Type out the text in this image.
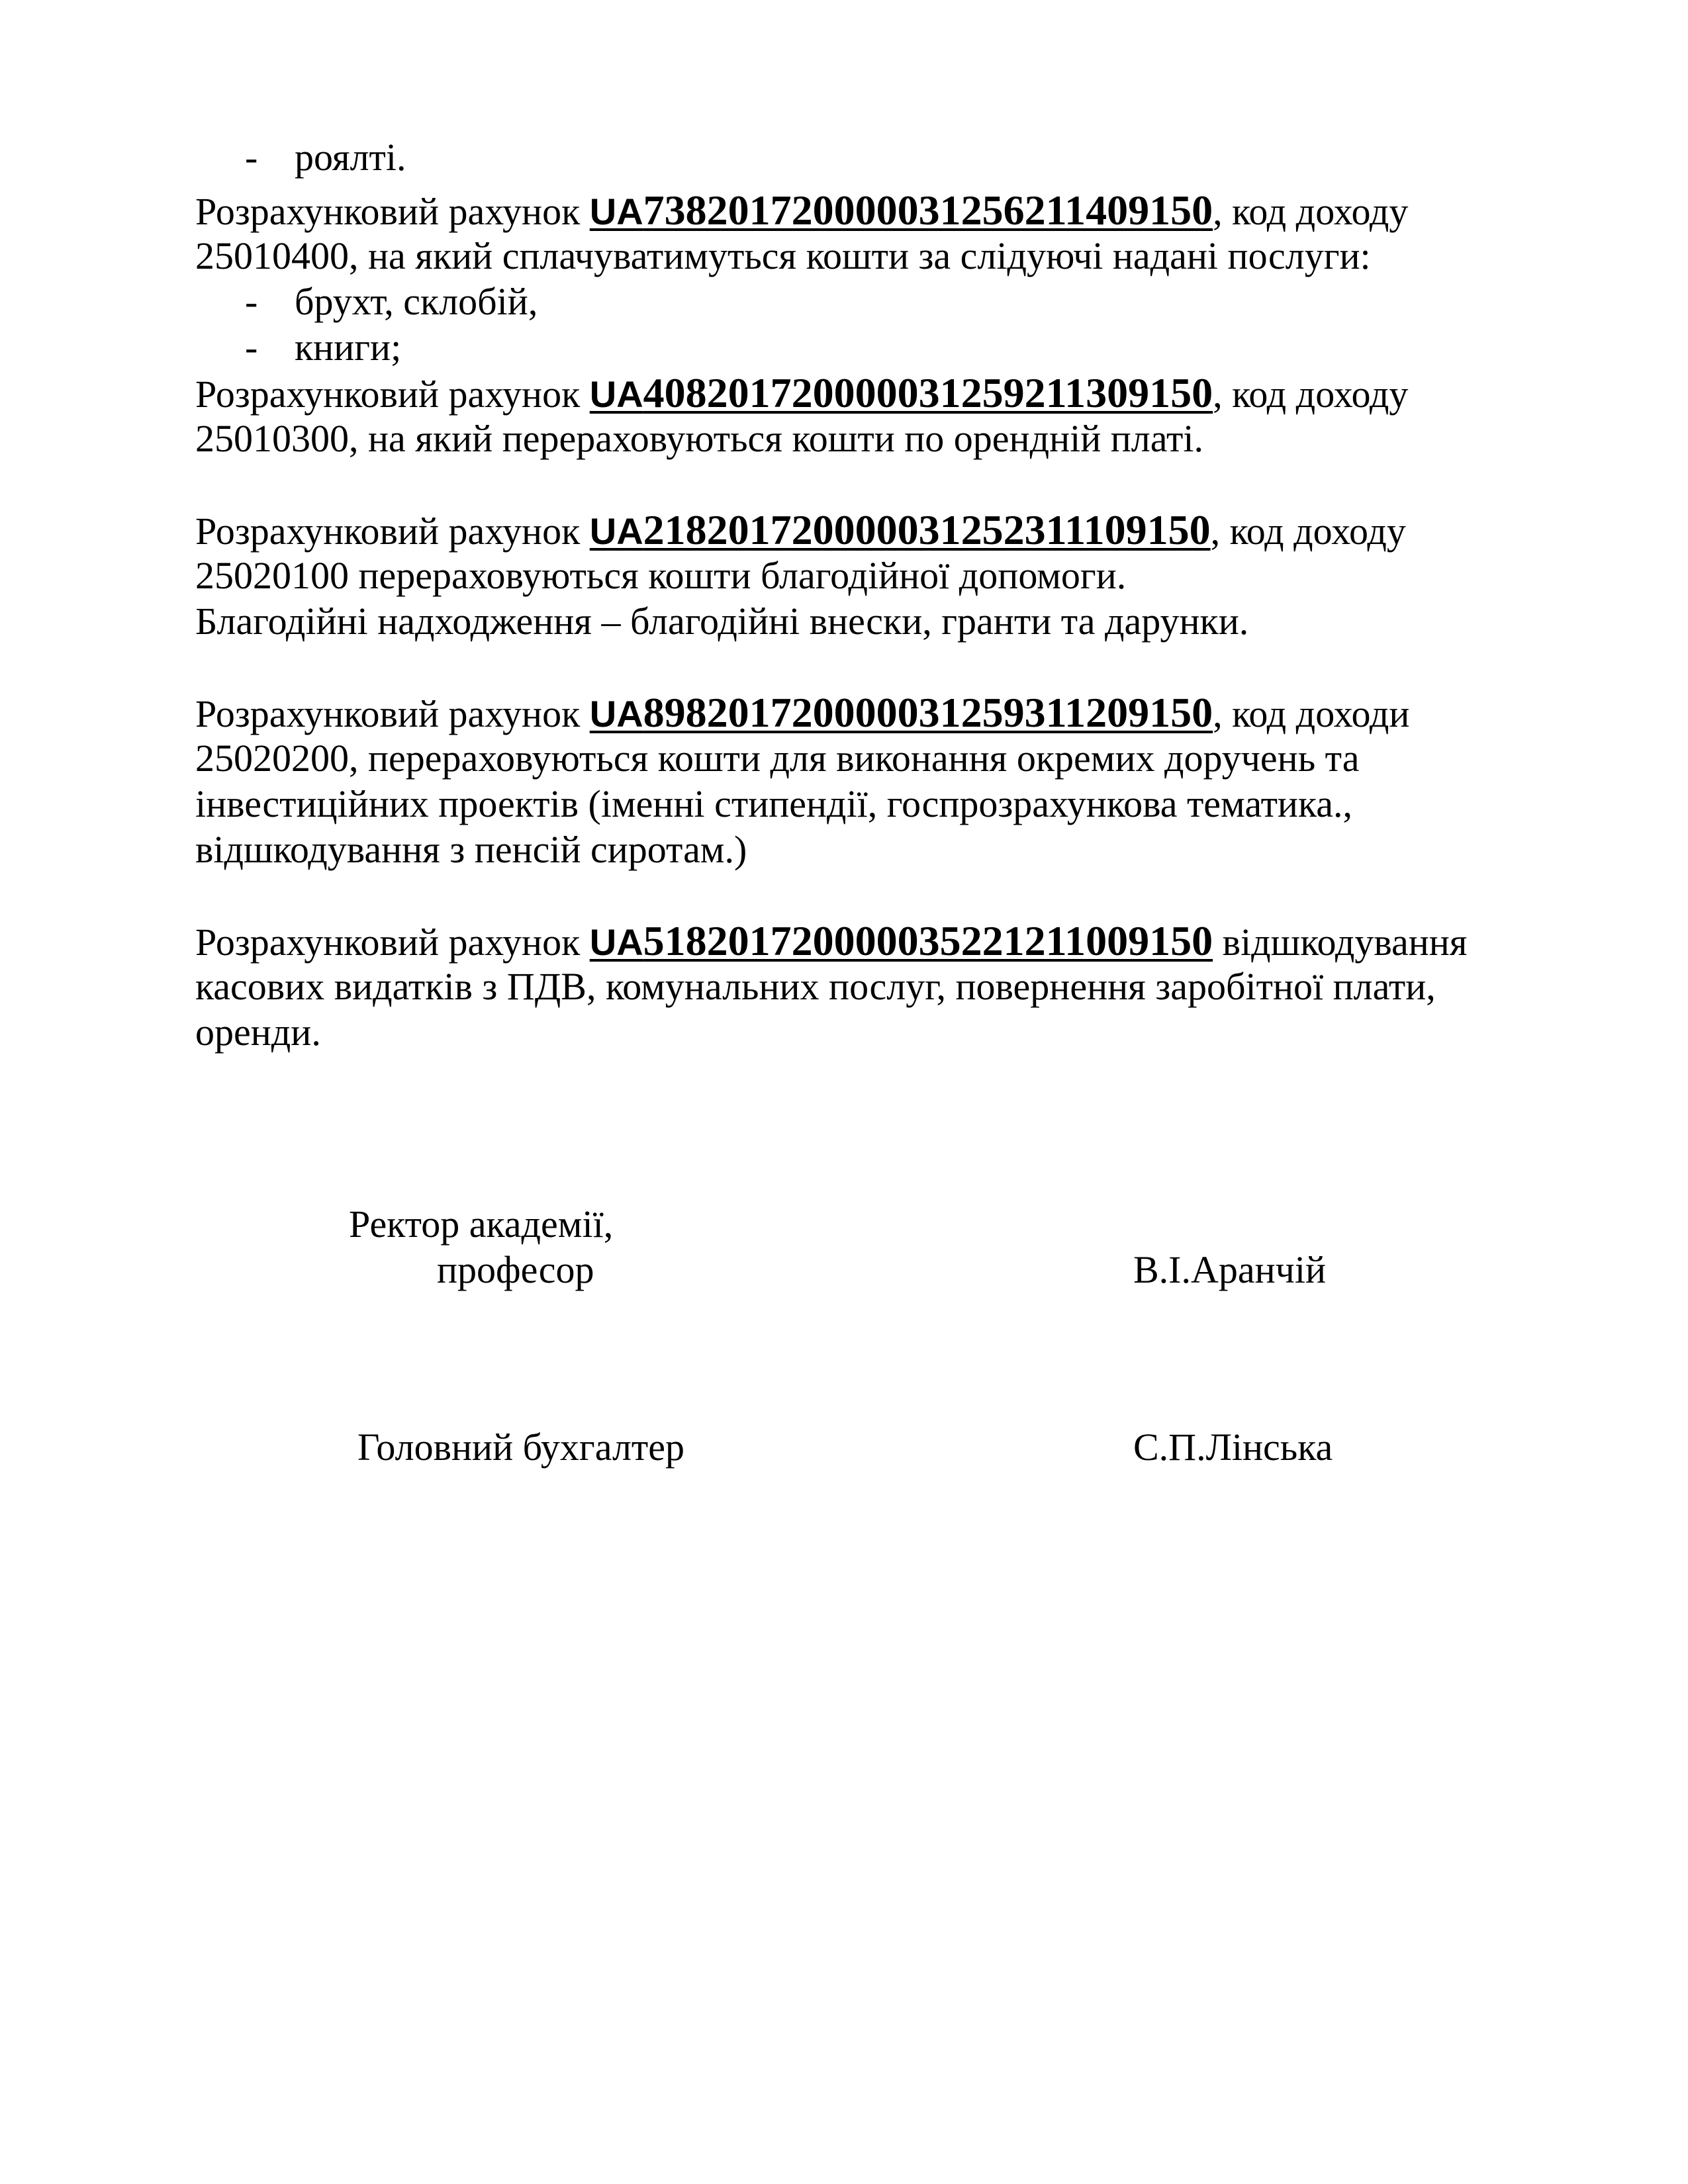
- роялті.
Розрахунковий рахунок UA738201720000031256211409150, код доходу
25010400, на який сплачуватимуться кошти за слідуючі надані послуги:
- брухт, склобій,
- книги;
Розрахунковий рахунок UA408201720000031259211309150, код доходу
25010300, на який перераховуються кошти по орендній платі.
Розрахунковий рахунок UA218201720000031252311109150, код доходу
25020100 перераховуються кошти благодійної допомоги.
Благодійні надходження – благодійні внески, гранти та дарунки.
Розрахунковий рахунок UA898201720000031259311209150, код доходи
25020200, перераховуються кошти для виконання окремих доручень та
інвестиційних проектів (іменні стипендії, госпрозрахункова тематика.,
відшкодування з пенсій сиротам.)
Розрахунковий рахунок UA518201720000035221211009150 відшкодування
касових видатків з ПДВ, комунальних послуг, повернення заробітної плати,
оренди.
Ректор академії,
професор	В.І.Аранчій
Головний бухгалтер	С.П.Лінська
